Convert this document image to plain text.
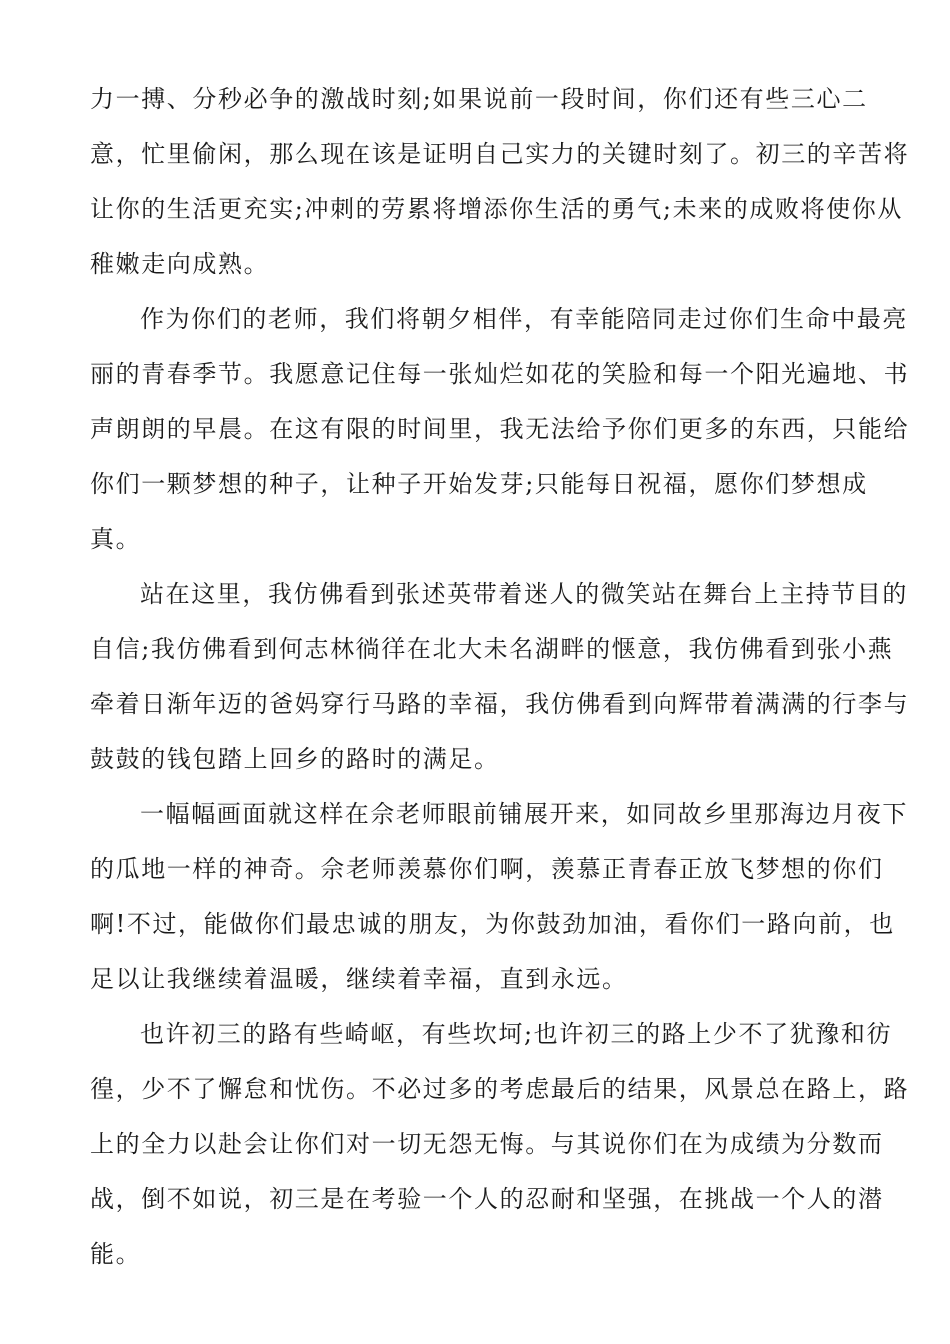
力一搏、分秒必争的激战时刻;如果说前一段时间，你们还有些三心二
意，忙里偷闲，那么现在该是证明自己实力的关键时刻了。初三的辛苦将
让你的生活更充实;冲刺的劳累将增添你生活的勇气;未来的成败将使你从
稚嫩走向成熟。
作为你们的老师，我们将朝夕相伴，有幸能陪同走过你们生命中最亮
丽的青春季节。我愿意记住每一张灿烂如花的笑脸和每一个阳光遍地、书
声朗朗的早晨。在这有限的时间里，我无法给予你们更多的东西，只能给
你们一颗梦想的种子，让种子开始发芽;只能每日祝福，愿你们梦想成
真。
站在这里，我仿佛看到张述英带着迷人的微笑站在舞台上主持节目的
自信;我仿佛看到何志林徜徉在北大未名湖畔的惬意，我仿佛看到张小燕
牵着日渐年迈的爸妈穿行马路的幸福，我仿佛看到向辉带着满满的行李与
鼓鼓的钱包踏上回乡的路时的满足。
一幅幅画面就这样在佘老师眼前铺展开来，如同故乡里那海边月夜下
的瓜地一样的神奇。佘老师羡慕你们啊，羡慕正青春正放飞梦想的你们
啊!不过，能做你们最忠诚的朋友，为你鼓劲加油，看你们一路向前，也
足以让我继续着温暖，继续着幸福，直到永远。
也许初三的路有些崎岖，有些坎坷;也许初三的路上少不了犹豫和彷
徨，少不了懈怠和忧伤。不必过多的考虑最后的结果，风景总在路上，路
上的全力以赴会让你们对一切无怨无悔。与其说你们在为成绩为分数而
战，倒不如说，初三是在考验一个人的忍耐和坚强，在挑战一个人的潜
能。
